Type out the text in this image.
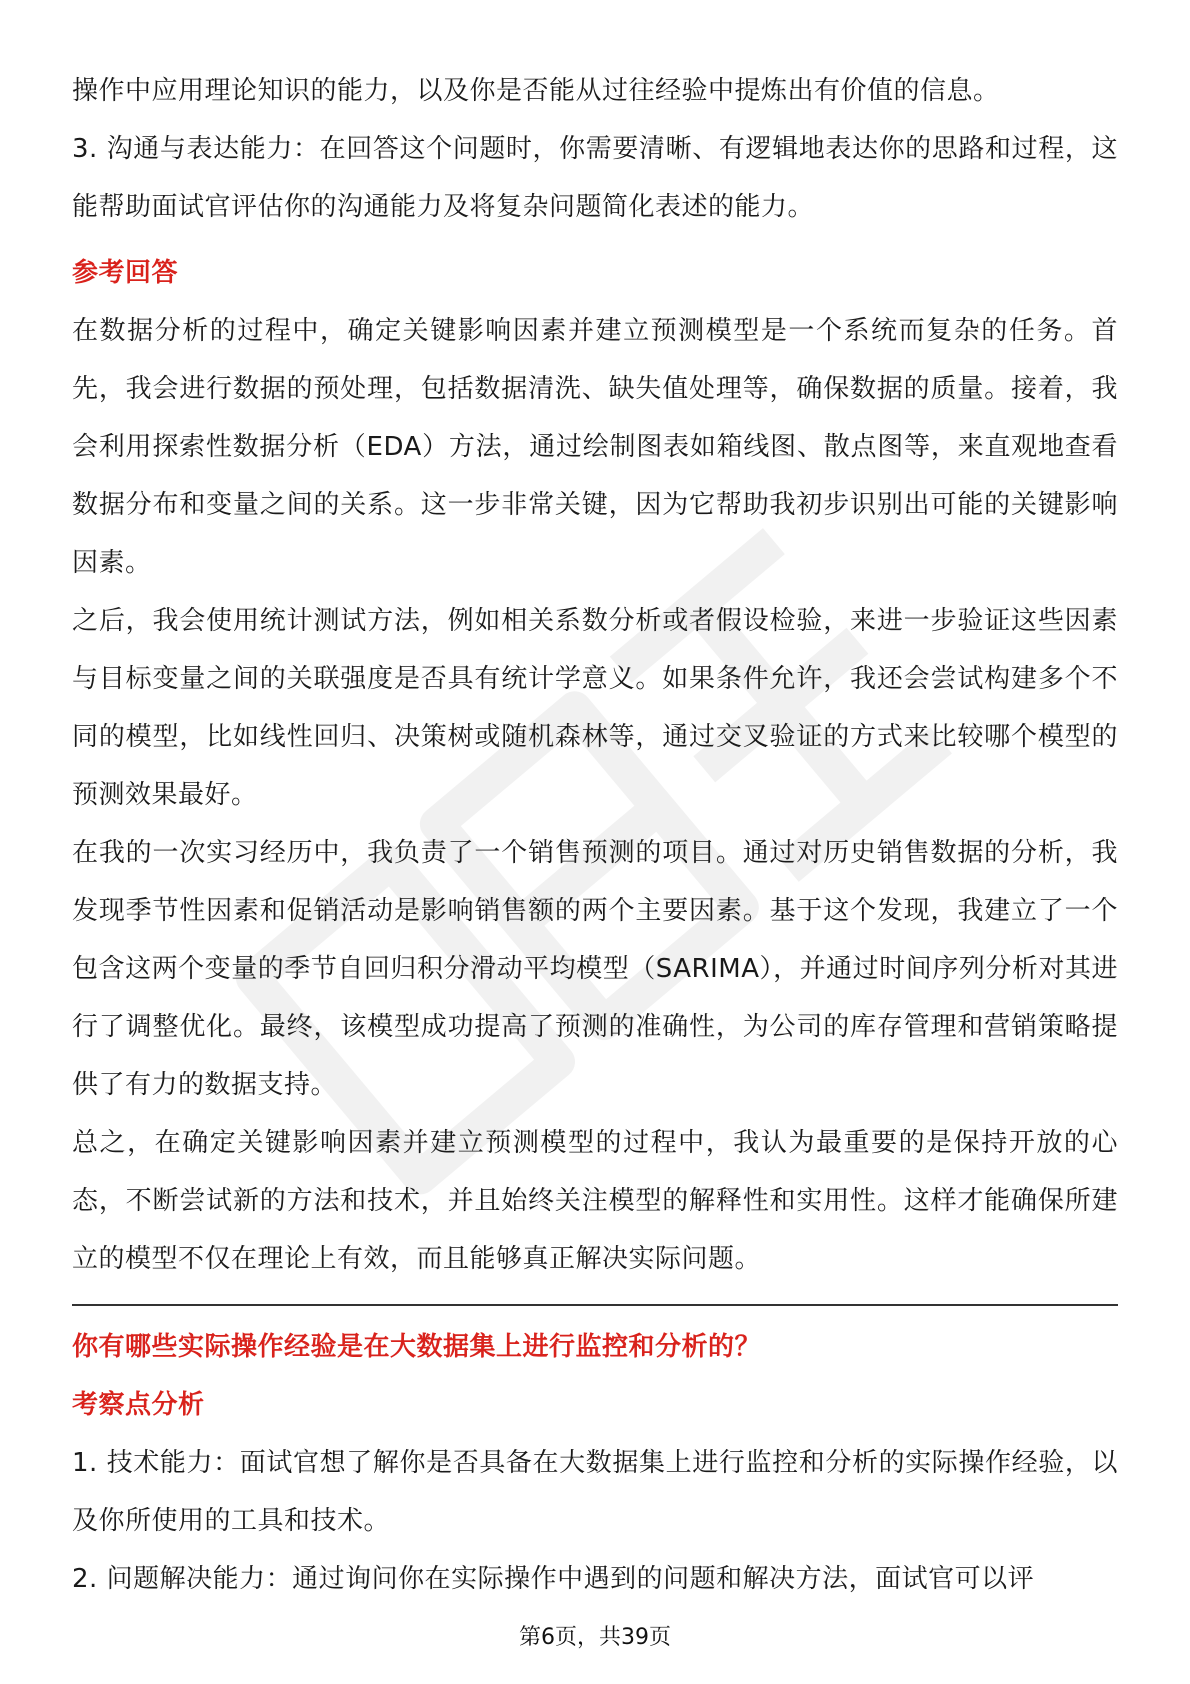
操作中应用理论知识的能力，以及你是否能从过往经验中提炼出有价值的信息。

3. 沟通与表达能力：在回答这个问题时，你需要清晰、有逻辑地表达你的思路和过程，这能帮助面试官评估你的沟通能力及将复杂问题简化表述的能力。

参考回答

在数据分析的过程中，确定关键影响因素并建立预测模型是一个系统而复杂的任务。首先，我会进行数据的预处理，包括数据清洗、缺失值处理等，确保数据的质量。接着，我会利用探索性数据分析（EDA）方法，通过绘制图表如箱线图、散点图等，来直观地查看数据分布和变量之间的关系。这一步非常关键，因为它帮助我初步识别出可能的关键影响因素。

之后，我会使用统计测试方法，例如相关系数分析或者假设检验，来进一步验证这些因素与目标变量之间的关联强度是否具有统计学意义。如果条件允许，我还会尝试构建多个不同的模型，比如线性回归、决策树或随机森林等，通过交叉验证的方式来比较哪个模型的预测效果最好。

在我的一次实习经历中，我负责了一个销售预测的项目。通过对历史销售数据的分析，我发现季节性因素和促销活动是影响销售额的两个主要因素。基于这个发现，我建立了一个包含这两个变量的季节自回归积分滑动平均模型（SARIMA），并通过时间序列分析对其进行了调整优化。最终，该模型成功提高了预测的准确性，为公司的库存管理和营销策略提供了有力的数据支持。

总之，在确定关键影响因素并建立预测模型的过程中，我认为最重要的是保持开放的心态，不断尝试新的方法和技术，并且始终关注模型的解释性和实用性。这样才能确保所建立的模型不仅在理论上有效，而且能够真正解决实际问题。

你有哪些实际操作经验是在大数据集上进行监控和分析的？
考察点分析

1. 技术能力：面试官想了解你是否具备在大数据集上进行监控和分析的实际操作经验，以及你所使用的工具和技术。

2. 问题解决能力：通过询问你在实际操作中遇到的问题和解决方法，面试官可以评

第6页，共39页
